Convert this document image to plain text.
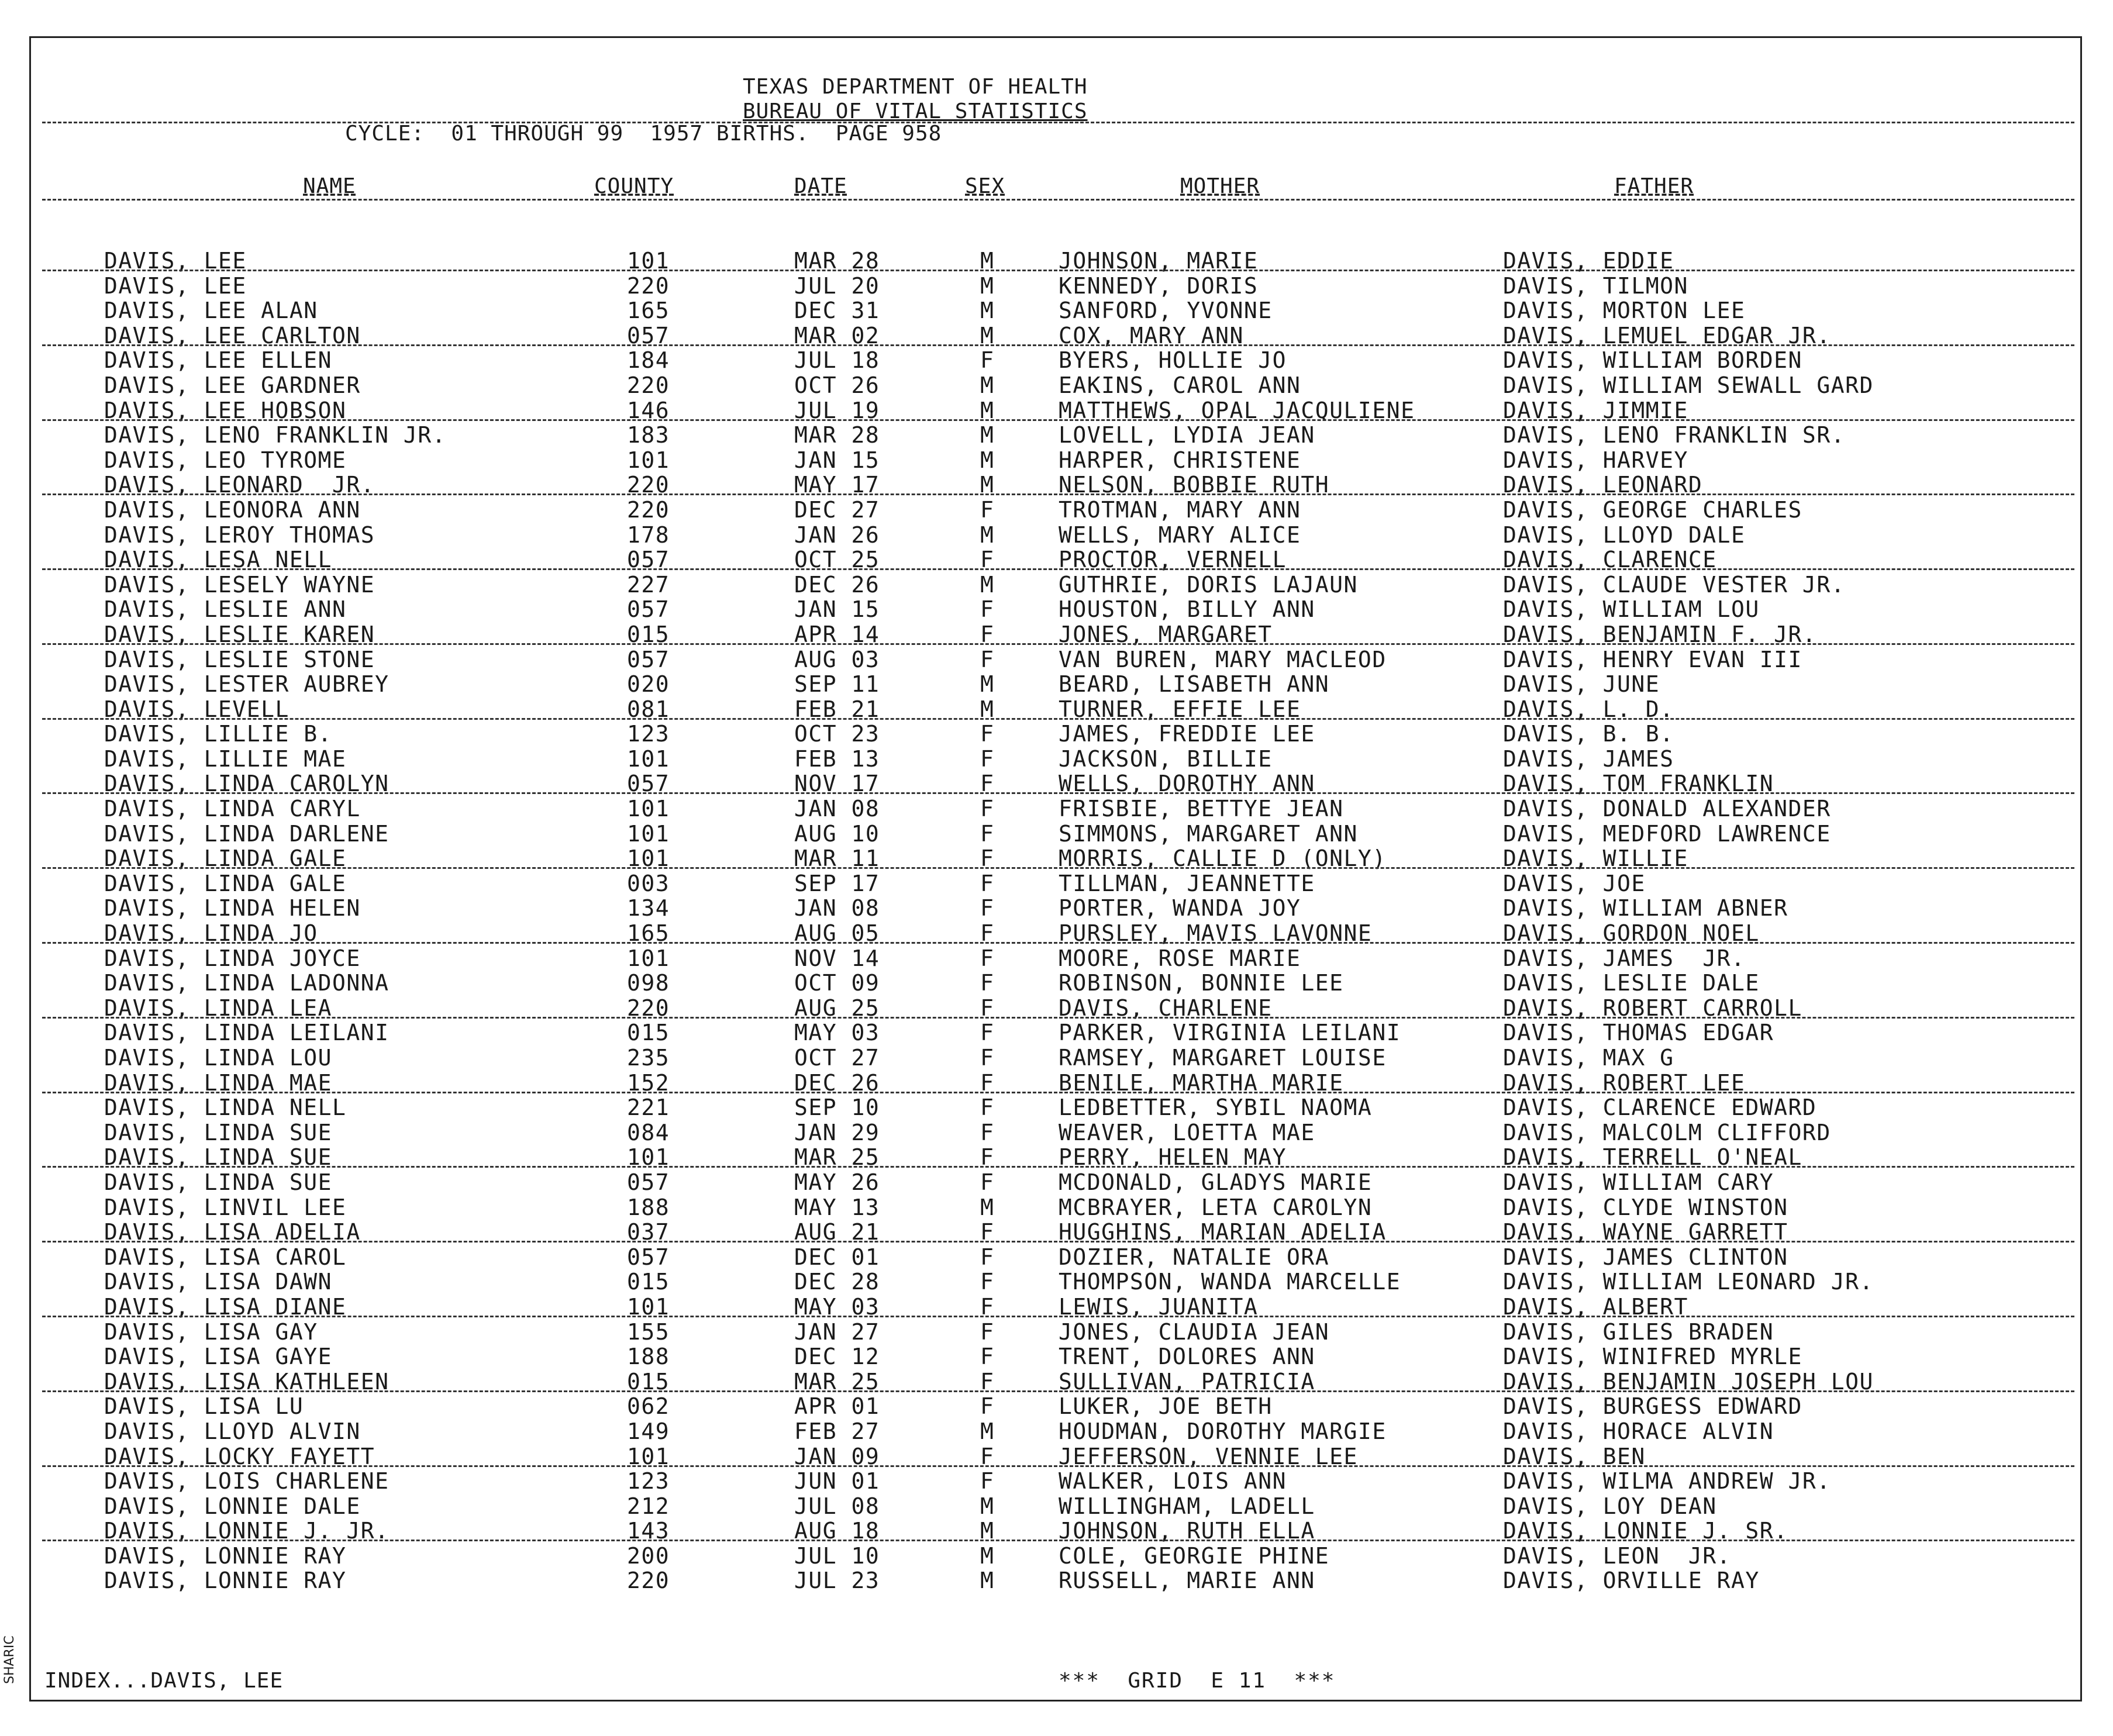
TEXAS DEPARTMENT OF HEALTH
BUREAU OF VITAL STATISTICS
CYCLE:  01 THROUGH 99  1957 BIRTHS.  PAGE 958
NAME	COUNTY	DATE	SEX	MOTHER	FATHER
DAVIS, LEE	101	MAR 28	M	JOHNSON, MARIE	DAVIS, EDDIE
DAVIS, LEE	220	JUL 20	M	KENNEDY, DORIS	DAVIS, TILMON
DAVIS, LEE ALAN	165	DEC 31	M	SANFORD, YVONNE	DAVIS, MORTON LEE
DAVIS, LEE CARLTON	057	MAR 02	M	COX, MARY ANN	DAVIS, LEMUEL EDGAR JR.
DAVIS, LEE ELLEN	184	JUL 18	F	BYERS, HOLLIE JO	DAVIS, WILLIAM BORDEN
DAVIS, LEE GARDNER	220	OCT 26	M	EAKINS, CAROL ANN	DAVIS, WILLIAM SEWALL GARD
DAVIS, LEE HOBSON	146	JUL 19	M	MATTHEWS, OPAL JACQULIENE	DAVIS, JIMMIE
DAVIS, LENO FRANKLIN JR.	183	MAR 28	M	LOVELL, LYDIA JEAN	DAVIS, LENO FRANKLIN SR.
DAVIS, LEO TYROME	101	JAN 15	M	HARPER, CHRISTENE	DAVIS, HARVEY
DAVIS, LEONARD  JR.	220	MAY 17	M	NELSON, BOBBIE RUTH	DAVIS, LEONARD
DAVIS, LEONORA ANN	220	DEC 27	F	TROTMAN, MARY ANN	DAVIS, GEORGE CHARLES
DAVIS, LEROY THOMAS	178	JAN 26	M	WELLS, MARY ALICE	DAVIS, LLOYD DALE
DAVIS, LESA NELL	057	OCT 25	F	PROCTOR, VERNELL	DAVIS, CLARENCE
DAVIS, LESELY WAYNE	227	DEC 26	M	GUTHRIE, DORIS LAJAUN	DAVIS, CLAUDE VESTER JR.
DAVIS, LESLIE ANN	057	JAN 15	F	HOUSTON, BILLY ANN	DAVIS, WILLIAM LOU
DAVIS, LESLIE KAREN	015	APR 14	F	JONES, MARGARET	DAVIS, BENJAMIN F. JR.
DAVIS, LESLIE STONE	057	AUG 03	F	VAN BUREN, MARY MACLEOD	DAVIS, HENRY EVAN III
DAVIS, LESTER AUBREY	020	SEP 11	M	BEARD, LISABETH ANN	DAVIS, JUNE
DAVIS, LEVELL	081	FEB 21	M	TURNER, EFFIE LEE	DAVIS, L. D.
DAVIS, LILLIE B.	123	OCT 23	F	JAMES, FREDDIE LEE	DAVIS, B. B.
DAVIS, LILLIE MAE	101	FEB 13	F	JACKSON, BILLIE	DAVIS, JAMES
DAVIS, LINDA CAROLYN	057	NOV 17	F	WELLS, DOROTHY ANN	DAVIS, TOM FRANKLIN
DAVIS, LINDA CARYL	101	JAN 08	F	FRISBIE, BETTYE JEAN	DAVIS, DONALD ALEXANDER
DAVIS, LINDA DARLENE	101	AUG 10	F	SIMMONS, MARGARET ANN	DAVIS, MEDFORD LAWRENCE
DAVIS, LINDA GALE	101	MAR 11	F	MORRIS, CALLIE D (ONLY)	DAVIS, WILLIE
DAVIS, LINDA GALE	003	SEP 17	F	TILLMAN, JEANNETTE	DAVIS, JOE
DAVIS, LINDA HELEN	134	JAN 08	F	PORTER, WANDA JOY	DAVIS, WILLIAM ABNER
DAVIS, LINDA JO	165	AUG 05	F	PURSLEY, MAVIS LAVONNE	DAVIS, GORDON NOEL
DAVIS, LINDA JOYCE	101	NOV 14	F	MOORE, ROSE MARIE	DAVIS, JAMES  JR.
DAVIS, LINDA LADONNA	098	OCT 09	F	ROBINSON, BONNIE LEE	DAVIS, LESLIE DALE
DAVIS, LINDA LEA	220	AUG 25	F	DAVIS, CHARLENE	DAVIS, ROBERT CARROLL
DAVIS, LINDA LEILANI	015	MAY 03	F	PARKER, VIRGINIA LEILANI	DAVIS, THOMAS EDGAR
DAVIS, LINDA LOU	235	OCT 27	F	RAMSEY, MARGARET LOUISE	DAVIS, MAX G
DAVIS, LINDA MAE	152	DEC 26	F	BENILE, MARTHA MARIE	DAVIS, ROBERT LEE
DAVIS, LINDA NELL	221	SEP 10	F	LEDBETTER, SYBIL NAOMA	DAVIS, CLARENCE EDWARD
DAVIS, LINDA SUE	084	JAN 29	F	WEAVER, LOETTA MAE	DAVIS, MALCOLM CLIFFORD
DAVIS, LINDA SUE	101	MAR 25	F	PERRY, HELEN MAY	DAVIS, TERRELL O'NEAL
DAVIS, LINDA SUE	057	MAY 26	F	MCDONALD, GLADYS MARIE	DAVIS, WILLIAM CARY
DAVIS, LINVIL LEE	188	MAY 13	M	MCBRAYER, LETA CAROLYN	DAVIS, CLYDE WINSTON
DAVIS, LISA ADELIA	037	AUG 21	F	HUGGHINS, MARIAN ADELIA	DAVIS, WAYNE GARRETT
DAVIS, LISA CAROL	057	DEC 01	F	DOZIER, NATALIE ORA	DAVIS, JAMES CLINTON
DAVIS, LISA DAWN	015	DEC 28	F	THOMPSON, WANDA MARCELLE	DAVIS, WILLIAM LEONARD JR.
DAVIS, LISA DIANE	101	MAY 03	F	LEWIS, JUANITA	DAVIS, ALBERT
DAVIS, LISA GAY	155	JAN 27	F	JONES, CLAUDIA JEAN	DAVIS, GILES BRADEN
DAVIS, LISA GAYE	188	DEC 12	F	TRENT, DOLORES ANN	DAVIS, WINIFRED MYRLE
DAVIS, LISA KATHLEEN	015	MAR 25	F	SULLIVAN, PATRICIA	DAVIS, BENJAMIN JOSEPH LOU
DAVIS, LISA LU	062	APR 01	F	LUKER, JOE BETH	DAVIS, BURGESS EDWARD
DAVIS, LLOYD ALVIN	149	FEB 27	M	HOUDMAN, DOROTHY MARGIE	DAVIS, HORACE ALVIN
DAVIS, LOCKY FAYETT	101	JAN 09	F	JEFFERSON, VENNIE LEE	DAVIS, BEN
DAVIS, LOIS CHARLENE	123	JUN 01	F	WALKER, LOIS ANN	DAVIS, WILMA ANDREW JR.
DAVIS, LONNIE DALE	212	JUL 08	M	WILLINGHAM, LADELL	DAVIS, LOY DEAN
DAVIS, LONNIE J. JR.	143	AUG 18	M	JOHNSON, RUTH ELLA	DAVIS, LONNIE J. SR.
DAVIS, LONNIE RAY	200	JUL 10	M	COLE, GEORGIE PHINE	DAVIS, LEON  JR.
DAVIS, LONNIE RAY	220	JUL 23	M	RUSSELL, MARIE ANN	DAVIS, ORVILLE RAY
INDEX...DAVIS, LEE	***  GRID  E 11  ***
SHARIC
